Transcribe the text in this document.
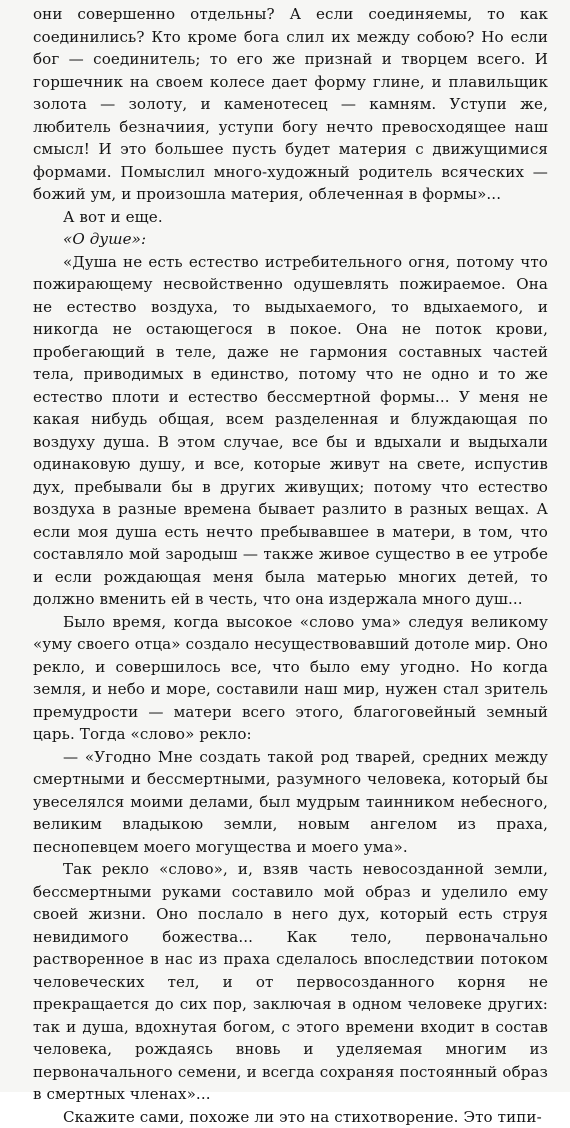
они совершенно отдельны? А если соединяемы, то как соединились? Кто кроме бога слил их между собою? Но если бог — соединитель; то его же признай и творцем всего. И горшечник на своем колесе дает форму глине, и плавильщик золота — золоту, и каменотесец — камням. Уступи же, любитель безначиия, уступи богу нечто превосходящее наш смысл! И это большее пусть будет материя с движущимися формами. Помыслил много-художный родитель всяческих — божий ум, и произошла материя, облеченная в формы»...

А вот и еще.

«О душе»:

«Душа не есть естество истребительного огня, потому что пожирающему несвойственно одушевлять пожираемое. Она не естество воздуха, то выдыхаемого, то вдыхаемого, и никогда не остающегося в покое. Она не поток крови, пробегающий в теле, даже не гармония составных частей тела, приводимых в единство, потому что не одно и то же естество плоти и естество бессмертной формы... У меня не какая нибудь общая, всем разделенная и блуждающая по воздуху душа. В этом случае, все бы и вдыхали и выдыхали одинаковую душу, и все, которые живут на свете, испустив дух, пребывали бы в других живущих; потому что естество воздуха в разные времена бывает разлито в разных вещах. А если моя душа есть нечто пребывавшее в матери, в том, что составляло мой зародыш — также живое существо в ее утробе и если рождающая меня была матерью многих детей, то должно вменить ей в честь, что она издержала много душ...

Было время, когда высокое «слово ума» следуя великому «уму своего отца» создало несуществовавший дотоле мир. Оно рекло, и совершилось все, что было ему угодно. Но когда земля, и небо и море, составили наш мир, нужен стал зритель премудрости — матери всего этого, благоговейный земный царь. Тогда «слово» рекло:

— «Угодно Мне создать такой род тварей, средних между смертными и бессмертными, разумного человека, который бы увеселялся моими делами, был мудрым таинником небесного, великим владыкою земли, новым ангелом из праха, песнопевцем моего могущества и моего ума».

Так рекло «слово», и, взяв часть невосозданной земли, бессмертными руками составило мой образ и уделило ему своей жизни. Оно послало в него дух, который есть струя невидимого божества... Как тело, первоначально растворенное в нас из праха сделалось впоследствии потоком человеческих тел, и от первосозданного корня не прекращается до сих пор, заключая в одном человеке других: так и душа, вдохнутая богом, с этого времени входит в состав человека, рождаясь вновь и уделяемая многим из первоначального семени, и всегда сохраняя постоянный образ в смертных членах»...

Скажите сами, похоже ли это на стихотворение. Это типи-
